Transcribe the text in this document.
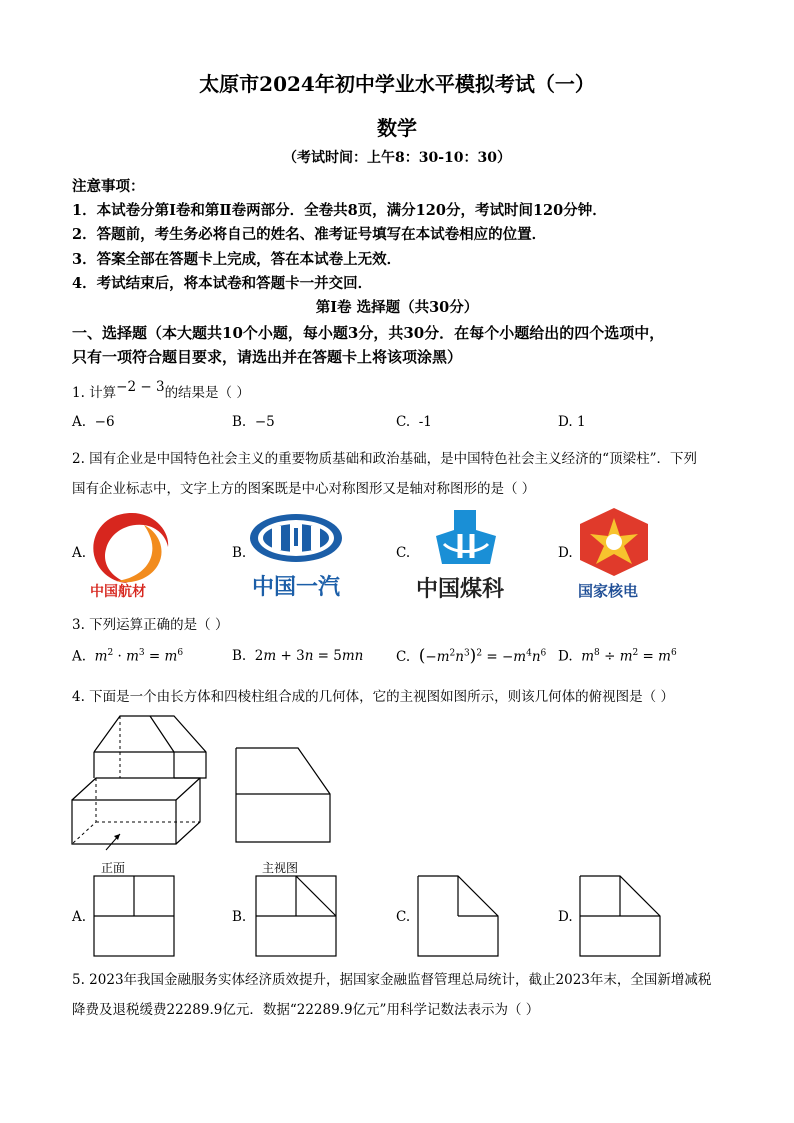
太原市2024年初中学业水平模拟考试（一）
数学
（考试时间：上午8：30-10：30）
注意事项：
1．本试卷分第Ⅰ卷和第Ⅱ卷两部分．全卷共8页，满分120分，考试时间120分钟．
2．答题前，考生务必将自己的姓名、准考证号填写在本试卷相应的位置．
3．答案全部在答题卡上完成，答在本试卷上无效．
4．考试结束后，将本试卷和答题卡一并交回．
第Ⅰ卷 选择题（共30分）
一、选择题（本大题共10个小题，每小题3分，共30分．在每个小题给出的四个选项中，
只有一项符合题目要求，请选出并在答题卡上将该项涂黑）
1. 计算−2 − 3的结果是（ ）
A. −6	B. −5	C. -1	D. 1
2. 国有企业是中国特色社会主义的重要物质基础和政治基础，是中国特色社会主义经济的“顶梁柱”．下列
国有企业标志中，文字上方的图案既是中心对称图形又是轴对称图形的是（ ）
A.
中国航材
B.
中国一汽
C.
中国煤科
D.
国家核电
3. 下列运算正确的是（ ）
A. $m^2 \cdot m^3 = m^6$	B.  2m + 3n = 5mn C. $(-m^2n^3)^2 = -m^4n^6$ D. $m^8 \div m^2 = m^6$
4. 下面是一个由长方体和四棱柱组合成的几何体，它的主视图如图所示，则该几何体的俯视图是（ ）
正面	主视图
A.	B.	C.	D.
5. 2023年我国金融服务实体经济质效提升，据国家金融监督管理总局统计，截止2023年末，全国新增减税
降费及退税缓费22289.9亿元．数据“22289.9亿元”用科学记数法表示为（ ）
